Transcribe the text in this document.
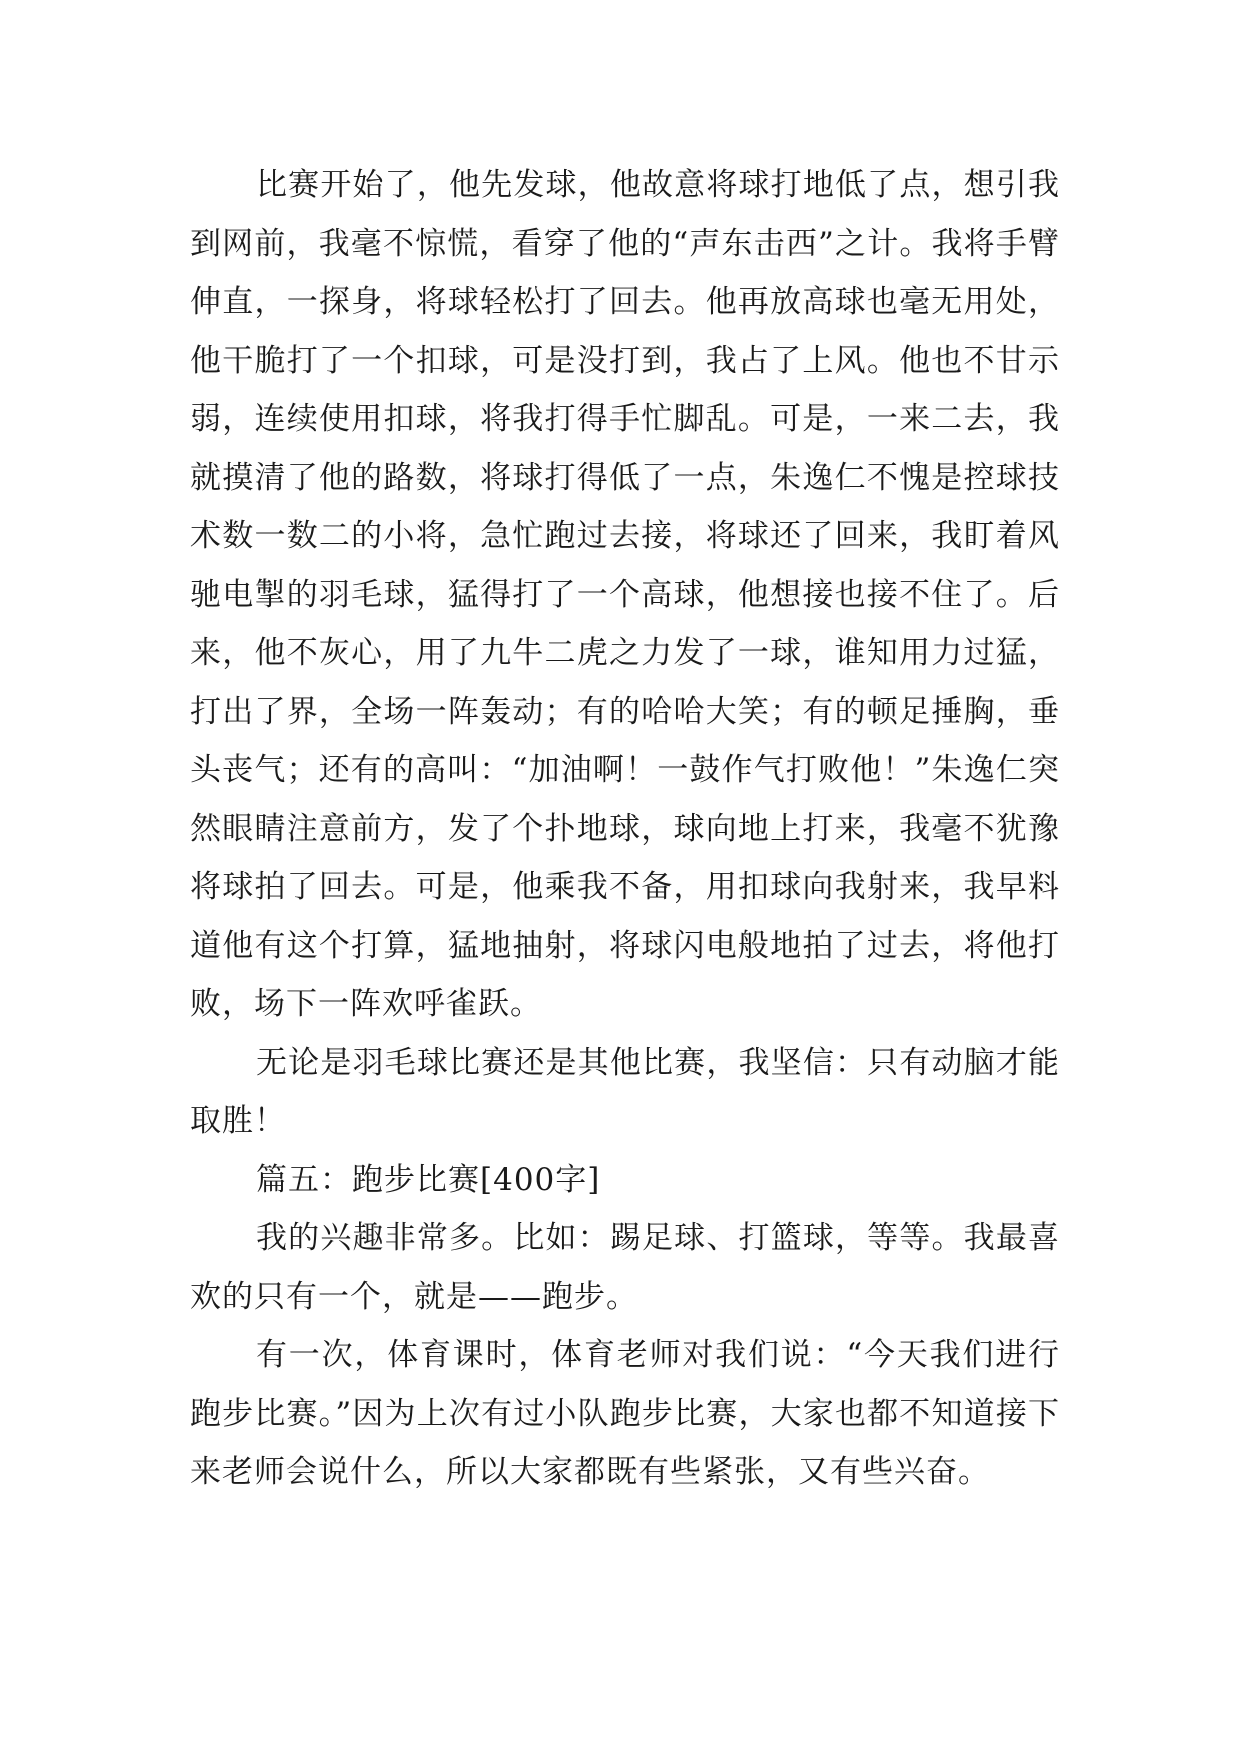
比赛开始了，他先发球，他故意将球打地低了点，想引我到网前，我毫不惊慌，看穿了他的“声东击西”之计。我将手臂伸直，一探身，将球轻松打了回去。他再放高球也毫无用处，他干脆打了一个扣球，可是没打到，我占了上风。他也不甘示弱，连续使用扣球，将我打得手忙脚乱。可是，一来二去，我就摸清了他的路数，将球打得低了一点，朱逸仁不愧是控球技术数一数二的小将，急忙跑过去接，将球还了回来，我盯着风驰电掣的羽毛球，猛得打了一个高球，他想接也接不住了。后来，他不灰心，用了九牛二虎之力发了一球，谁知用力过猛，打出了界，全场一阵轰动；有的哈哈大笑；有的顿足捶胸，垂头丧气；还有的高叫：“加油啊！一鼓作气打败他！”朱逸仁突然眼睛注意前方，发了个扑地球，球向地上打来，我毫不犹豫将球拍了回去。可是，他乘我不备，用扣球向我射来，我早料道他有这个打算，猛地抽射，将球闪电般地拍了过去，将他打败，场下一阵欢呼雀跃。

无论是羽毛球比赛还是其他比赛，我坚信：只有动脑才能取胜！

篇五：跑步比赛[400字]

我的兴趣非常多。比如：踢足球、打篮球，等等。我最喜欢的只有一个，就是——跑步。

有一次，体育课时，体育老师对我们说：“今天我们进行跑步比赛。”因为上次有过小队跑步比赛，大家也都不知道接下来老师会说什么，所以大家都既有些紧张，又有些兴奋。
